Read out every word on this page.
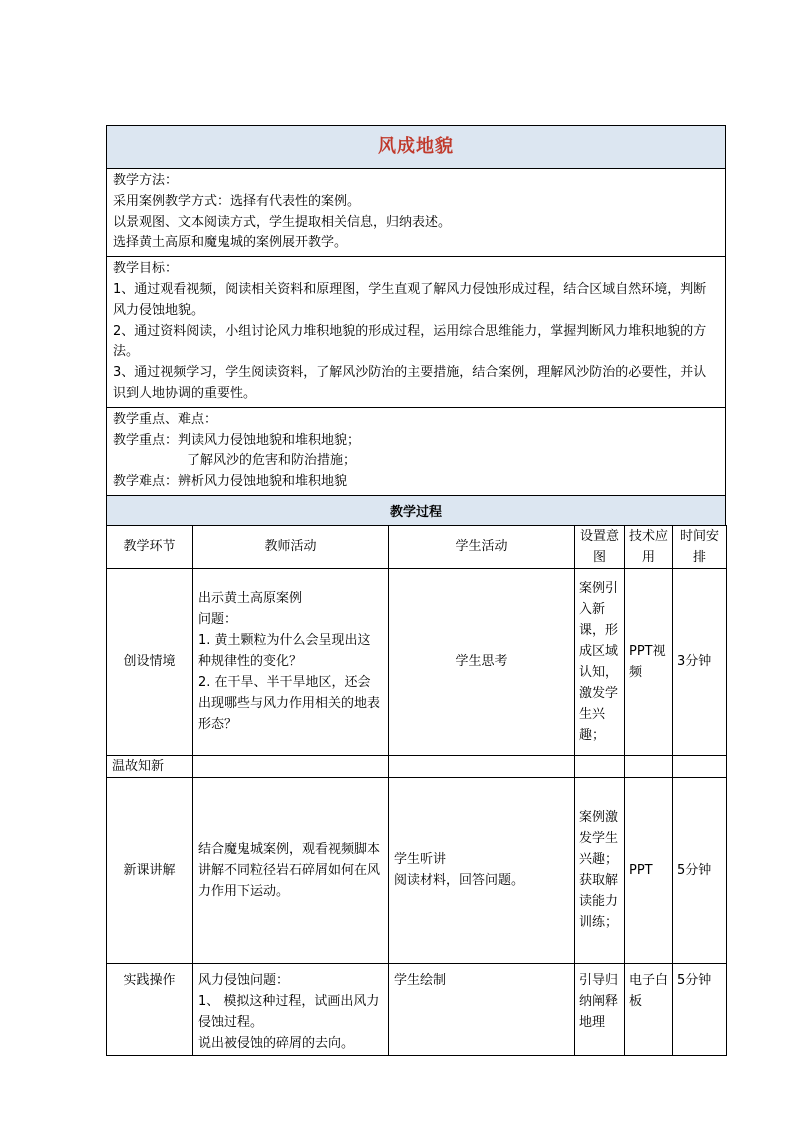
风成地貌

教学方法：

采用案例教学方式：选择有代表性的案例。

以景观图、文本阅读方式，学生提取相关信息，归纳表述。

选择黄土高原和魔鬼城的案例展开教学。

教学目标：

1、通过观看视频，阅读相关资料和原理图，学生直观了解风力侵蚀形成过程，结合区域自然环境，判断风力侵蚀地貌。

2、通过资料阅读，小组讨论风力堆积地貌的形成过程，运用综合思维能力，掌握判断风力堆积地貌的方法。

3、通过视频学习，学生阅读资料，了解风沙防治的主要措施，结合案例，理解风沙防治的必要性，并认识到人地协调的重要性。

教学重点、难点：

教学重点：判读风力侵蚀地貌和堆积地貌；

了解风沙的危害和防治措施；

教学难点：辨析风力侵蚀地貌和堆积地貌

教学过程
教学环节	教师活动	学生活动	设置意图	技术应用	时间安排
创设情境	出示黄土高原案例
问题：
1. 黄土颗粒为什么会呈现出这种规律性的变化？
2. 在干旱、半干旱地区，还会出现哪些与风力作用相关的地表形态？	学生思考	案例引入新课，形成区域认知，激发学生兴趣；	PPT视频	3分钟
温故知新					
新课讲解	结合魔鬼城案例，观看视频脚本
讲解不同粒径岩石碎屑如何在风力作用下运动。	学生听讲
阅读材料，回答问题。	案例激发学生兴趣；获取解读能力训练；	PPT	5分钟
实践操作	风力侵蚀问题：
1、 模拟这种过程，试画出风力侵蚀过程。
说出被侵蚀的碎屑的去向。	学生绘制	引导归纳阐释地理	电子白板	5分钟
